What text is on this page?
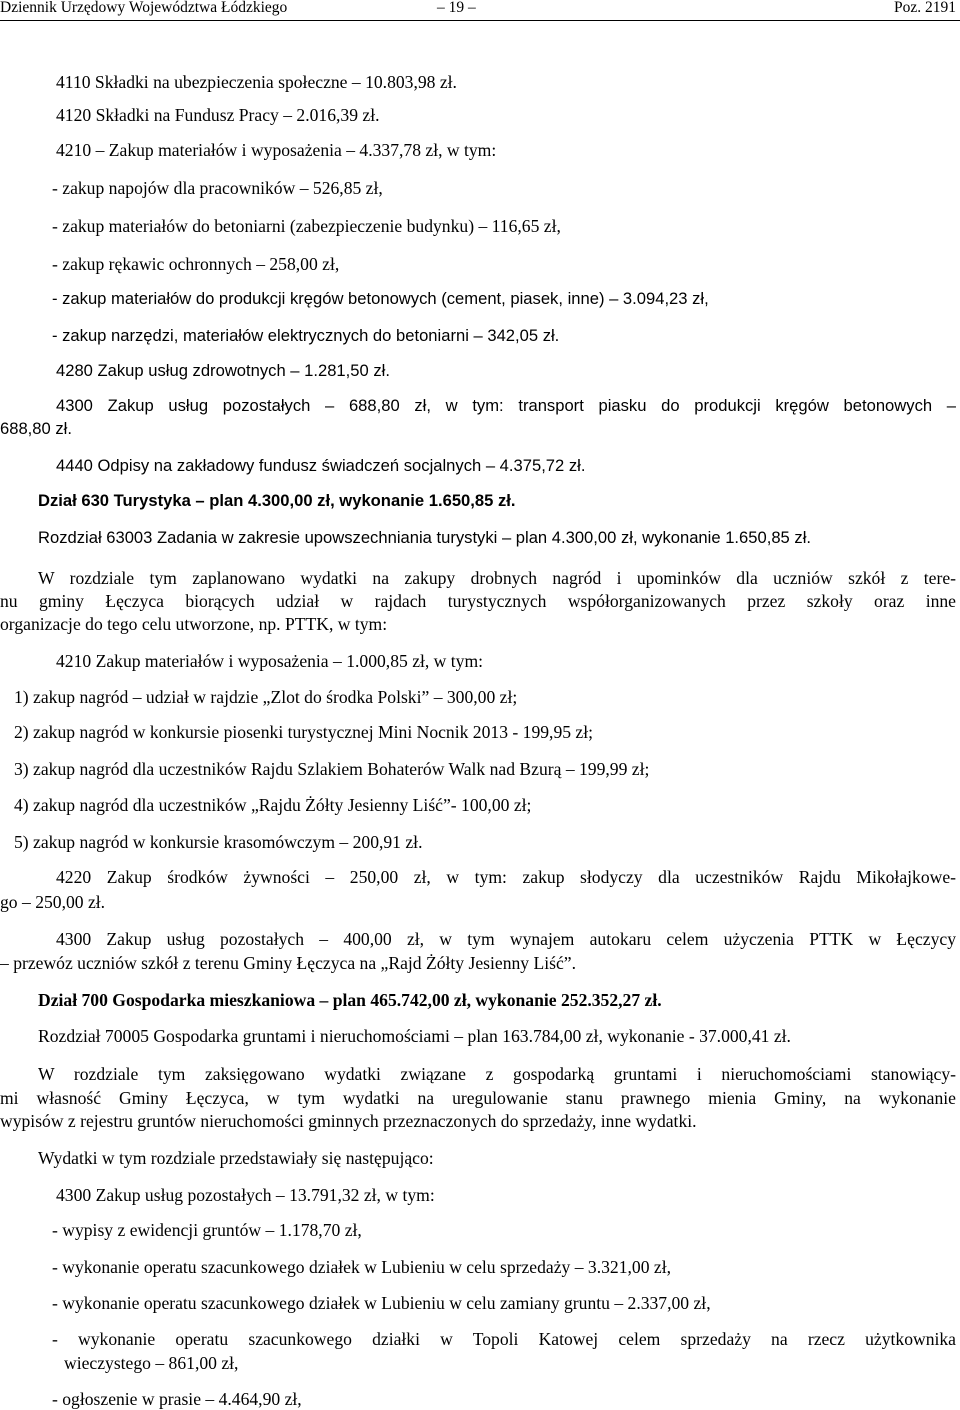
Dziennik Urzędowy Województwa Łódzkiego	– 19 –	Poz. 2191
4110 Składki na ubezpieczenia społeczne – 10.803,98 zł.
4120 Składki na Fundusz Pracy – 2.016,39 zł.
4210 – Zakup materiałów i wyposażenia – 4.337,78 zł, w tym:
- zakup napojów dla pracowników – 526,85 zł,
- zakup materiałów do betoniarni (zabezpieczenie budynku) – 116,65 zł,
- zakup rękawic ochronnych – 258,00 zł,
- zakup materiałów do produkcji kręgów betonowych (cement, piasek, inne) – 3.094,23 zł,
- zakup narzędzi, materiałów elektrycznych do betoniarni – 342,05 zł.
4280 Zakup usług zdrowotnych – 1.281,50 zł.
4300 Zakup usług pozostałych – 688,80 zł, w tym: transport piasku do produkcji kręgów betonowych –
688,80 zł.
4440 Odpisy na zakładowy fundusz świadczeń socjalnych – 4.375,72 zł.
Dział 630 Turystyka – plan 4.300,00 zł, wykonanie 1.650,85 zł.
Rozdział 63003 Zadania w zakresie upowszechniania turystyki – plan 4.300,00 zł, wykonanie 1.650,85 zł.
W rozdziale tym zaplanowano wydatki na zakupy drobnych nagród i upominków dla uczniów szkół z tere-
nu gminy Łęczyca biorących udział w rajdach turystycznych współorganizowanych przez szkoły oraz inne
organizacje do tego celu utworzone, np. PTTK, w tym:
4210 Zakup materiałów i wyposażenia – 1.000,85 zł, w tym:
1) zakup nagród – udział w rajdzie „Zlot do środka Polski” – 300,00 zł;
2) zakup nagród w konkursie piosenki turystycznej Mini Nocnik 2013 - 199,95 zł;
3) zakup nagród dla uczestników Rajdu Szlakiem Bohaterów Walk nad Bzurą – 199,99 zł;
4) zakup nagród dla uczestników „Rajdu Żółty Jesienny Liść”- 100,00 zł;
5) zakup nagród w konkursie krasomówczym – 200,91 zł.
4220 Zakup środków żywności – 250,00 zł, w tym: zakup słodyczy dla uczestników Rajdu Mikołajkowe-
go – 250,00 zł.
4300 Zakup usług pozostałych – 400,00 zł, w tym wynajem autokaru celem użyczenia PTTK w Łęczycy
– przewóz uczniów szkół z terenu Gminy Łęczyca na „Rajd Żółty Jesienny Liść”.
Dział 700 Gospodarka mieszkaniowa – plan 465.742,00 zł, wykonanie 252.352,27 zł.
Rozdział 70005 Gospodarka gruntami i nieruchomościami – plan 163.784,00 zł, wykonanie - 37.000,41 zł.
W rozdziale tym zaksięgowano wydatki związane z gospodarką gruntami i nieruchomościami stanowiący-
mi własność Gminy Łęczyca, w tym wydatki na uregulowanie stanu prawnego mienia Gminy, na wykonanie
wypisów z rejestru gruntów nieruchomości gminnych przeznaczonych do sprzedaży, inne wydatki.
Wydatki w tym rozdziale przedstawiały się następująco:
4300 Zakup usług pozostałych – 13.791,32 zł, w tym:
- wypisy z ewidencji gruntów – 1.178,70 zł,
- wykonanie operatu szacunkowego działek w Lubieniu w celu sprzedaży – 3.321,00 zł,
- wykonanie operatu szacunkowego działek w Lubieniu w celu zamiany gruntu – 2.337,00 zł,
- wykonanie operatu szacunkowego działki w Topoli Katowej celem sprzedaży na rzecz użytkownika
wieczystego – 861,00 zł,
- ogłoszenie w prasie – 4.464,90 zł,
